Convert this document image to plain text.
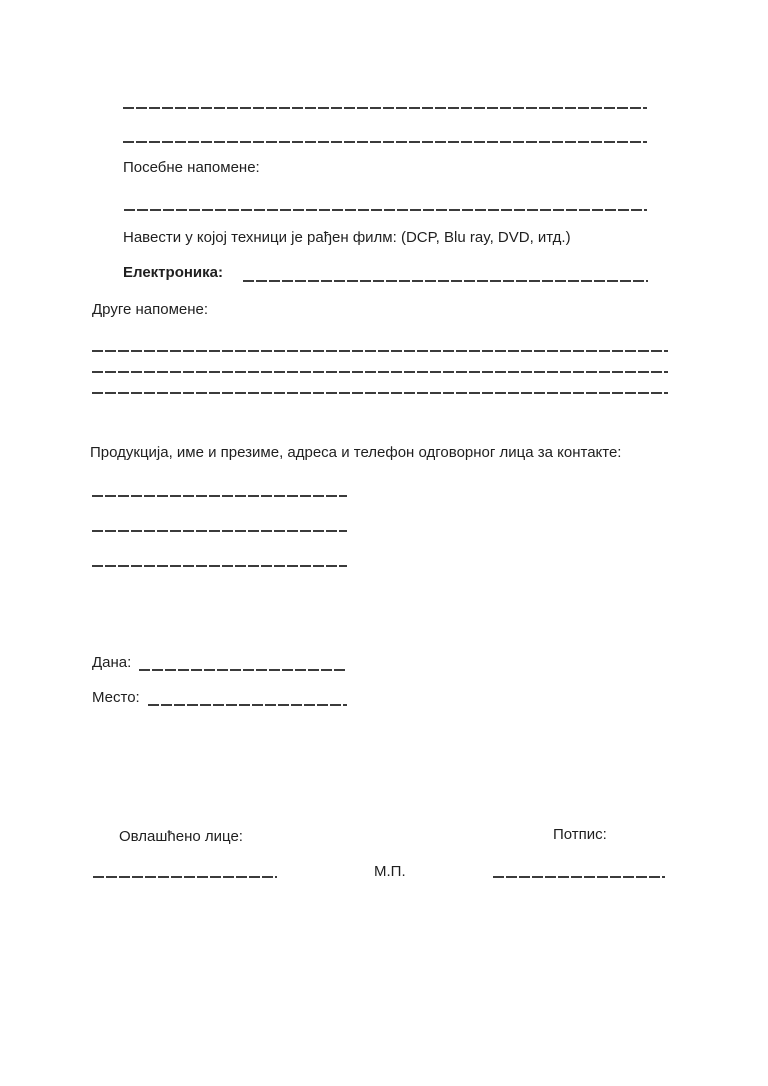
Посебне напомене:
Навести у којој техници је рађен филм: (DCP, Blu ray, DVD, итд.)
Електроника:
Друге напомене:
Продукција, име и презиме, адреса и телефон одговорног лица за контакте:
Дана:
Место:
Овлашћено лице:	Потпис:
М.П.
